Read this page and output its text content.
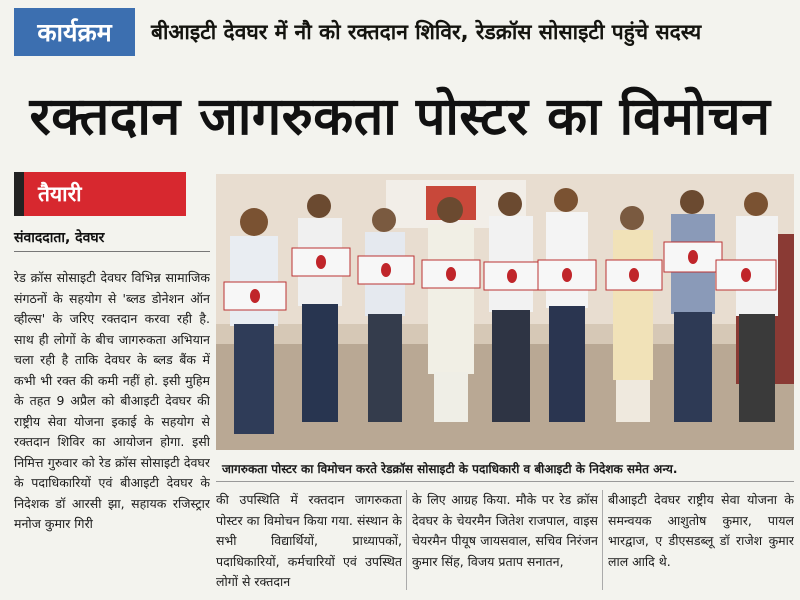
कार्यक्रम	बीआइटी देवघर में नौ को रक्तदान शिविर, रेडक्रॉस सोसाइटी पहुंचे सदस्य
रक्तदान जागरुकता पोस्टर का विमोचन
तैयारी
संवाददाता, देवघर
रेड क्रॉस सोसाइटी देवघर विभिन्न सामाजिक संगठनों के सहयोग से 'ब्लड डोनेशन ऑन व्हील्स' के जरिए रक्तदान करवा रही है. साथ ही लोगों के बीच जागरुकता अभियान चला रही है ताकि देवघर के ब्लड बैंक में कभी भी रक्त की कमी नहीं हो. इसी मुहिम के तहत 9 अप्रैल को बीआइटी देवघर की राष्ट्रीय सेवा योजना इकाई के सहयोग से रक्तदान शिविर का आयोजन होगा. इसी निमित्त गुरुवार को रेड क्रॉस सोसाइटी देवघर के पदाधिकारियों एवं बीआइटी देवघर के निदेशक डॉ आरसी झा, सहायक रजिस्ट्रार मनोज कुमार गिरी
जागरुकता पोस्टर का विमोचन करते रेडक्रॉस सोसाइटी के पदाधिकारी व बीआइटी के निदेशक समेत अन्य.
की उपस्थिति में रक्तदान जागरुकता पोस्टर का विमोचन किया गया. संस्थान के सभी विद्यार्थियों, प्राध्यापकों, पदाधिकारियों, कर्मचारियों एवं उपस्थित लोगों से रक्तदान
के लिए आग्रह किया. मौके पर रेड क्रॉस देवघर के चेयरमैन जितेश राजपाल, वाइस चेयरमैन पीयूष जायसवाल, सचिव निरंजन कुमार सिंह, विजय प्रताप सनातन,
बीआइटी देवघर राष्ट्रीय सेवा योजना के समन्वयक आशुतोष कुमार, पायल भारद्वाज, ए डीएसडब्लू डॉ राजेश कुमार लाल आदि थे.
